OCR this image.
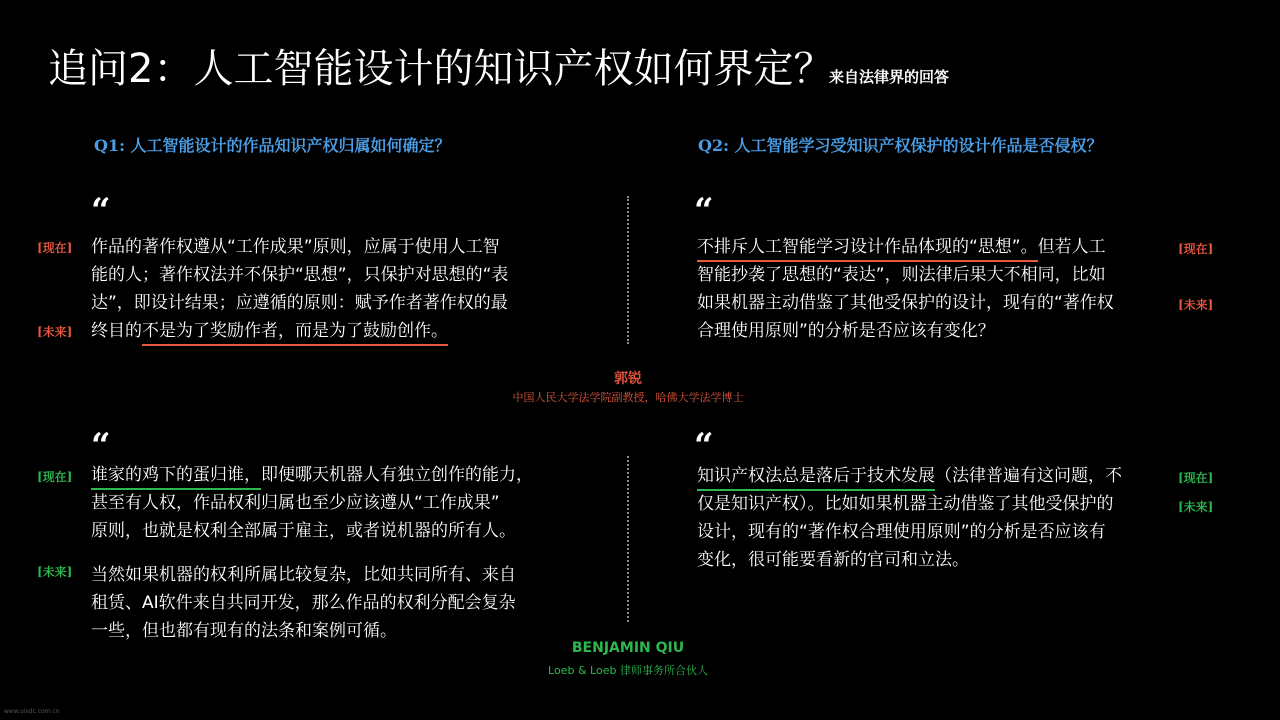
追问2：人工智能设计的知识产权如何界定？
来自法律界的回答
Q1: 人工智能设计的作品知识产权归属如何确定？	Q2: 人工智能学习受知识产权保护的设计作品是否侵权？
“
[现在]
[未来]
作品的著作权遵从“工作成果”原则，应属于使用人工智
能的人；著作权法并不保护“思想”，只保护对思想的“表
达”，即设计结果；应遵循的原则：赋予作者著作权的最
终目的不是为了奖励作者，而是为了鼓励创作。
“
[现在]
[未来]
不排斥人工智能学习设计作品体现的“思想”。但若人工
智能抄袭了思想的“表达”，则法律后果大不相同，比如
如果机器主动借鉴了其他受保护的设计，现有的“著作权
合理使用原则”的分析是否应该有变化？
郭锐
中国人民大学法学院副教授，哈佛大学法学博士
“
[现在]
[未来]
谁家的鸡下的蛋归谁，即便哪天机器人有独立创作的能力，
甚至有人权，作品权利归属也至少应该遵从“工作成果”
原则，也就是权利全部属于雇主，或者说机器的所有人。
当然如果机器的权利所属比较复杂，比如共同所有、来自
租赁、AI软件来自共同开发，那么作品的权利分配会复杂
一些，但也都有现有的法条和案例可循。
“
[现在]
[未来]
知识产权法总是落后于技术发展（法律普遍有这问题，不
仅是知识产权）。比如如果机器主动借鉴了其他受保护的
设计，现有的“著作权合理使用原则”的分析是否应该有
变化，很可能要看新的官司和立法。
BENJAMIN QIU
Loeb & Loeb 律师事务所合伙人
www.uisdc.com.cn
